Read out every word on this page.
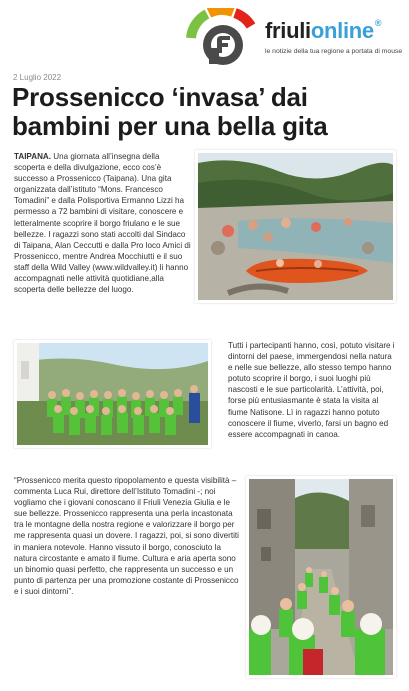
friulionline®
le notizie della tua regione a portata di mouse
2 Luglio 2022
Prossenicco ‘invasa’ dai bambini per una bella gita

TAIPANA. Una giornata all’insegna della scoperta e della divulgazione, ecco cos’è successo a Prossenicco (Taipana). Una gita organizzata dall’istituto “Mons. Francesco Tomadini” e dalla Polisportiva Ermanno Lizzi ha permesso a 72 bambini di visitare, conoscere e letteralmente scoprire il borgo friulano e le sue bellezze. I ragazzi sono stati accolti dal Sindaco di Taipana, Alan Ceccutti e dalla Pro loco Amici di Prossenicco, mentre Andrea Mocchiutti e il suo staff della Wild Valley (www.wildvalley.it) li hanno accompagnati nelle attività quotidiane,alla scoperta delle bellezze del luogo.

Tutti i partecipanti hanno, così, potuto visitare i dintorni del paese, immergendosi nella natura e nelle sue bellezze, allo stesso tempo hanno potuto scoprire il borgo, i suoi luoghi più nascosti e le sue particolarità. L’attività, poi, forse più entusiasmante è stata la visita al fiume Natisone. Lì in ragazzi hanno potuto conoscere il fiume, viverlo, farsi un bagno ed essere accompagnati in canoa.

“Prossenicco merita questo ripopolamento e questa visibilità – commenta Luca Rui, direttore dell’Istituto Tomadini -; noi vogliamo che i giovani conoscano il Friuli Venezia Giulia e le sue bellezze. Prossenicco rappresenta una perla incastonata tra le montagne della nostra regione e valorizzare il borgo per me rappresenta quasi un dovere. I ragazzi, poi, si sono divertiti in maniera notevole. Hanno vissuto il borgo, conosciuto la natura circostante e amato il fiume. Cultura e aria aperta sono un binomio quasi perfetto, che rappresenta un successo e un punto di partenza per una promozione costante di Prossenicco e i suoi dintorni”.
